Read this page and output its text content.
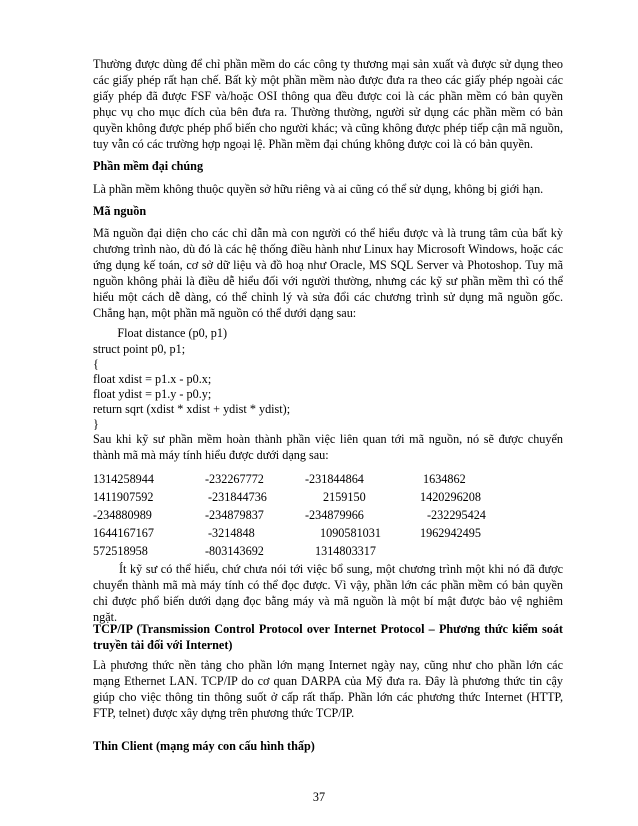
Thường được dùng để chỉ phần mềm do các công ty thương mại sản xuất và được sử dụng theo các giấy phép rất hạn chế. Bất kỳ một phần mềm nào được đưa ra theo các giấy phép ngoài các giấy phép đã được FSF và/hoặc OSI thông qua đều được coi là các phần mềm có bản quyền phục vụ cho mục đích của bên đưa ra. Thường thường, người sử dụng các phần mềm có bản quyền không được phép phổ biến cho người khác; và cũng không được phép tiếp cận mã nguồn, tuy vẫn có các trường hợp ngoại lệ. Phần mềm đại chúng không được coi là có bản quyền.

Phần mềm đại chúng

Là phần mềm không thuộc quyền sở hữu riêng và ai cũng có thể sử dụng, không bị giới hạn.

Mã nguồn

Mã nguồn đại diện cho các chỉ dẫn mà con người có thể hiểu được và là trung tâm của bất kỳ chương trình nào, dù đó là các hệ thống điều hành như Linux hay Microsoft Windows, hoặc các ứng dụng kế toán, cơ sở dữ liệu và đồ hoạ như Oracle, MS SQL Server và Photoshop. Tuy mã nguồn không phải là điều dễ hiểu đối với người thường, nhưng các kỹ sư phần mềm thì có thể hiểu một cách dễ dàng, có thể chỉnh lý và sửa đổi các chương trình sử dụng mã nguồn gốc. Chẳng hạn, một phần mã nguồn có thể dưới dạng sau:

Float distance (p0, p1)

struct point p0, p1;

{

float xdist = p1.x - p0.x;

float ydist = p1.y - p0.y;

return sqrt (xdist * xdist + ydist * ydist);

}

Sau khi kỹ sư phần mềm hoàn thành phần việc liên quan tới mã nguồn, nó sẽ được chuyển thành mã mà máy tính hiểu được dưới dạng sau:

1314258944	-232267772	-231844864	1634862
1411907592	-231844736	2159150	1420296208
-234880989	-234879837	-234879966	-232295424
1644167167	-3214848	1090581031	1962942495
572518958	-803143692	1314803317

Ít kỹ sư có thể hiểu, chứ chưa nói tới việc bổ sung, một chương trình một khi nó đã được chuyển thành mã mà máy tính có thể đọc được. Vì vậy, phần lớn các phần mềm có bản quyền chỉ được phổ biến dưới dạng đọc bằng máy và mã nguồn là một bí mật được bảo vệ nghiêm ngặt.

TCP/IP (Transmission Control Protocol over Internet Protocol – Phương thức kiểm soát truyền tải đối với Internet)

Là phương thức nền tảng cho phần lớn mạng Internet ngày nay, cũng như cho phần lớn các mạng Ethernet LAN. TCP/IP do cơ quan DARPA của Mỹ đưa ra. Đây là phương thức tin cậy giúp cho việc thông tin thông suốt ở cấp rất thấp. Phần lớn các phương thức Internet (HTTP, FTP, telnet) được xây dựng trên phương thức TCP/IP.

Thin Client (mạng máy con cấu hình thấp)

37
